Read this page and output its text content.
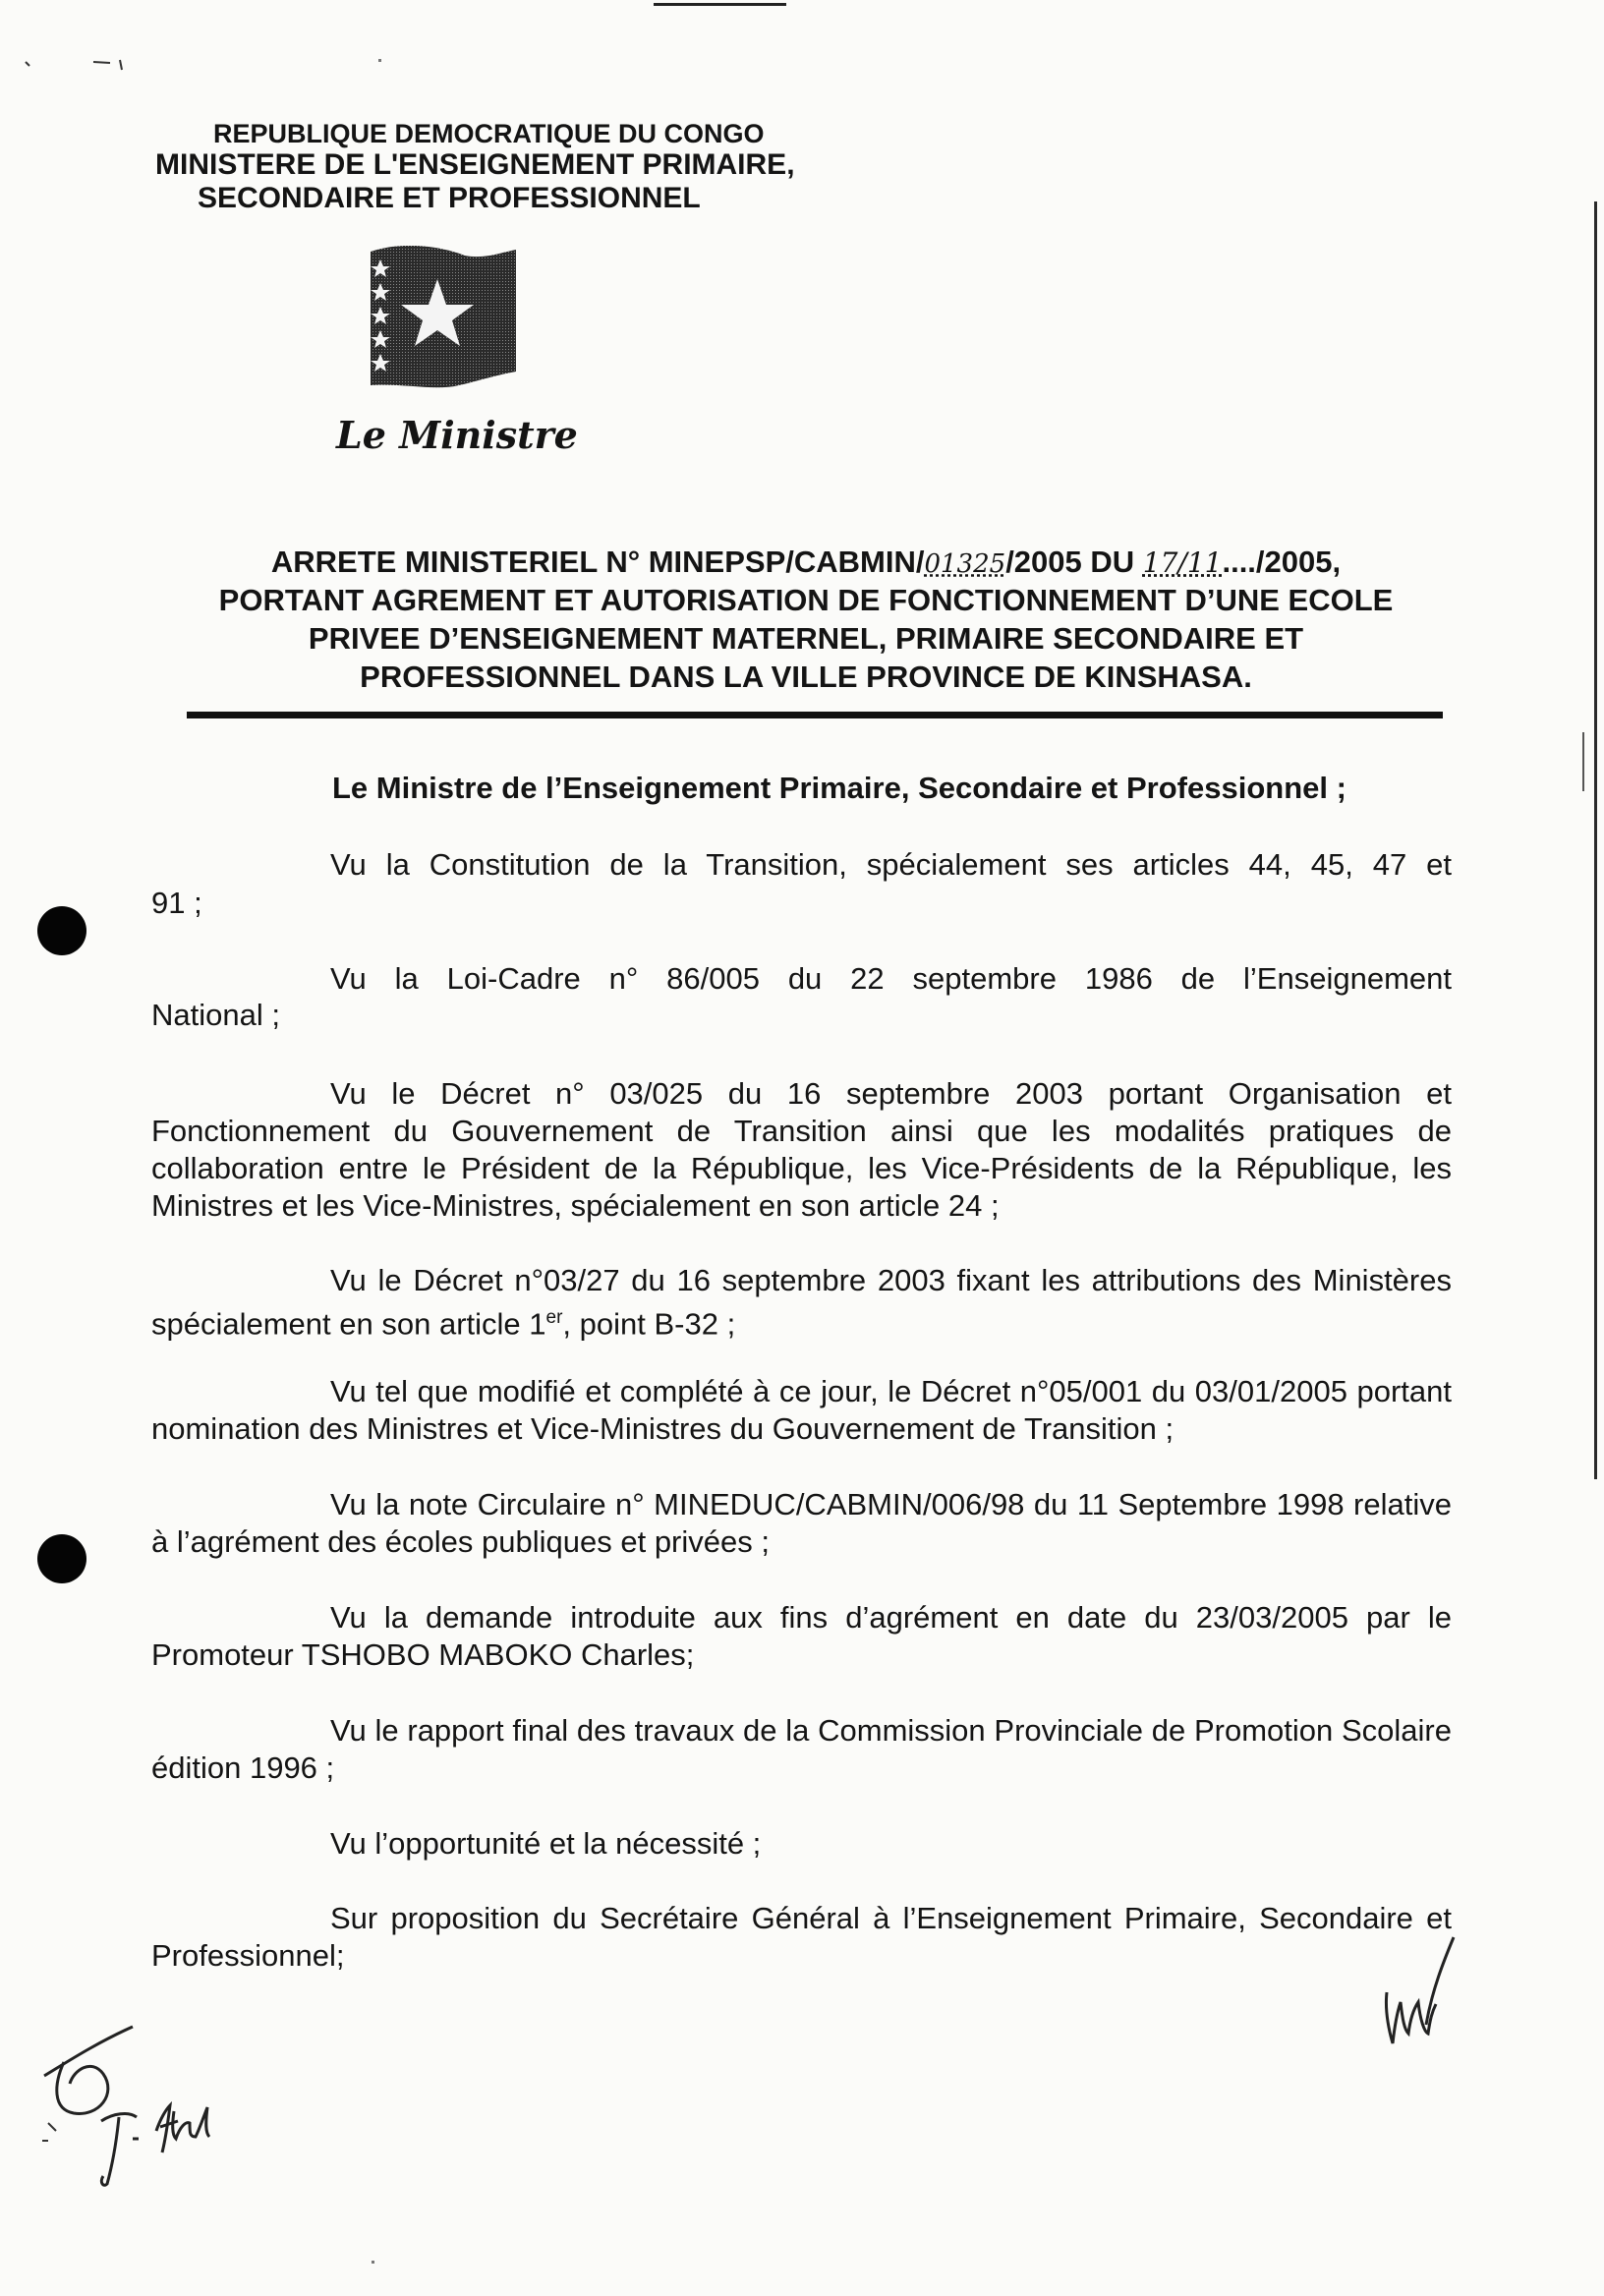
REPUBLIQUE DEMOCRATIQUE DU CONGO
MINISTERE DE L'ENSEIGNEMENT PRIMAIRE,
SECONDAIRE ET PROFESSIONNEL
Le Ministre
ARRETE MINISTERIEL N° MINEPSP/CABMIN/01325/2005 DU 17/11..../2005,
PORTANT AGREMENT ET AUTORISATION DE FONCTIONNEMENT D’UNE ECOLE
PRIVEE D’ENSEIGNEMENT MATERNEL, PRIMAIRE SECONDAIRE ET
PROFESSIONNEL DANS LA VILLE PROVINCE DE KINSHASA.
Le Ministre de l’Enseignement Primaire, Secondaire et Professionnel ;
Vu la Constitution de la Transition, spécialement ses articles 44, 45, 47 et
91 ;
Vu la Loi-Cadre n° 86/005 du 22 septembre 1986 de l’Enseignement
National ;
Vu le Décret n° 03/025 du 16 septembre 2003 portant Organisation et Fonctionnement du Gouvernement de Transition ainsi que les modalités pratiques de collaboration entre le Président de la République, les Vice-Présidents de la République, les Ministres et les Vice-Ministres, spécialement en son article 24 ;
Vu le Décret n°03/27 du 16 septembre 2003 fixant les attributions des Ministères spécialement en son article 1er, point B-32 ;
Vu tel que modifié et complété à ce jour, le Décret n°05/001 du 03/01/2005 portant nomination des Ministres et Vice-Ministres du Gouvernement de Transition ;
Vu la note Circulaire n° MINEDUC/CABMIN/006/98 du 11 Septembre 1998 relative à l’agrément des écoles publiques et privées ;
Vu la demande introduite aux fins d’agrément en date du 23/03/2005 par le Promoteur TSHOBO MABOKO Charles;
Vu le rapport final des travaux de la Commission Provinciale de Promotion Scolaire édition 1996 ;
Vu l’opportunité et la nécessité ;
Sur proposition du Secrétaire Général à l’Enseignement Primaire, Secondaire et Professionnel;
